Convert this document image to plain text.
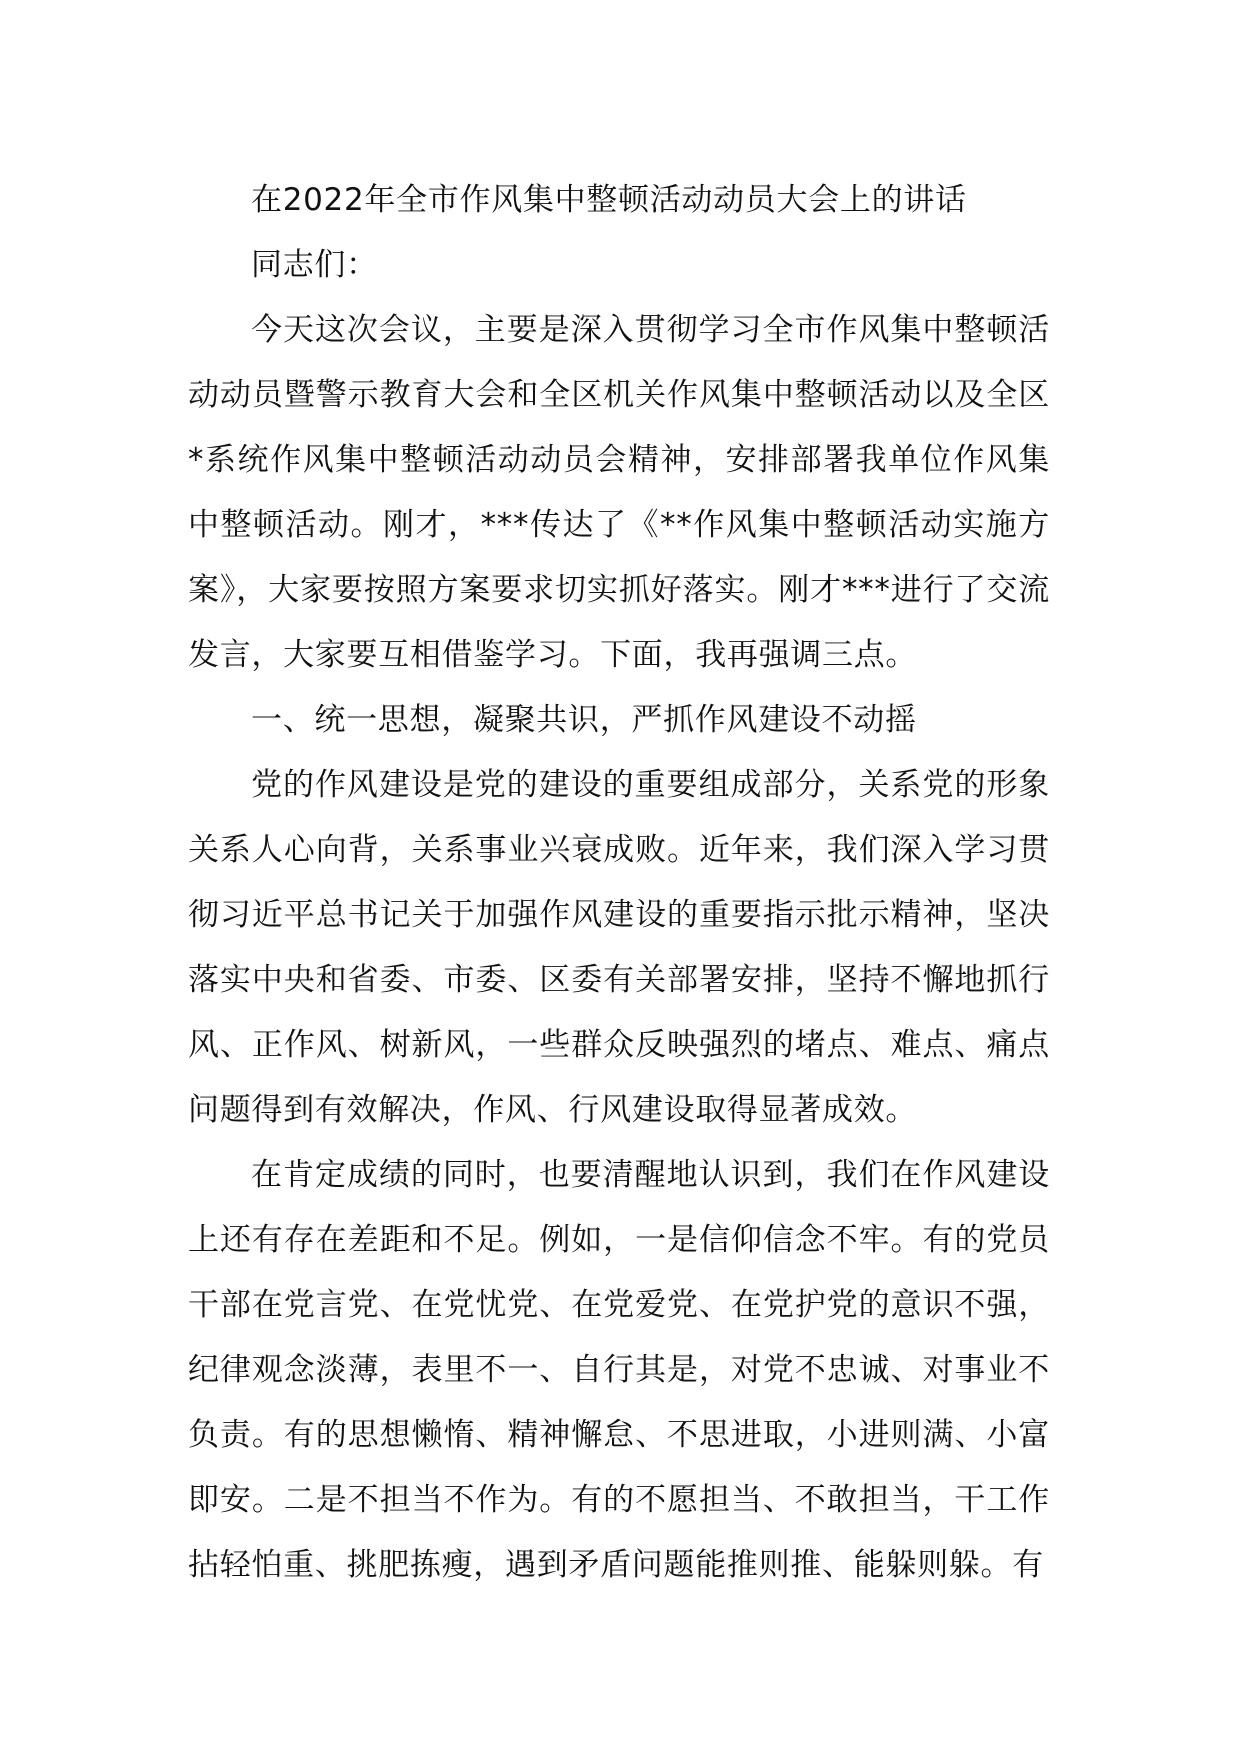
在2022年全市作风集中整顿活动动员大会上的讲话

同志们：

今天这次会议，主要是深入贯彻学习全市作风集中整顿活动动员暨警示教育大会和全区机关作风集中整顿活动以及全区*系统作风集中整顿活动动员会精神，安排部署我单位作风集中整顿活动。刚才，***传达了《**作风集中整顿活动实施方案》，大家要按照方案要求切实抓好落实。刚才***进行了交流发言，大家要互相借鉴学习。下面，我再强调三点。

一、统一思想，凝聚共识，严抓作风建设不动摇

党的作风建设是党的建设的重要组成部分，关系党的形象关系人心向背，关系事业兴衰成败。近年来，我们深入学习贯彻习近平总书记关于加强作风建设的重要指示批示精神，坚决落实中央和省委、市委、区委有关部署安排，坚持不懈地抓行风、正作风、树新风，一些群众反映强烈的堵点、难点、痛点问题得到有效解决，作风、行风建设取得显著成效。

在肯定成绩的同时，也要清醒地认识到，我们在作风建设上还有存在差距和不足。例如，一是信仰信念不牢。有的党员干部在党言党、在党忧党、在党爱党、在党护党的意识不强，纪律观念淡薄，表里不一、自行其是，对党不忠诚、对事业不负责。有的思想懒惰、精神懈怠、不思进取，小进则满、小富即安。二是不担当不作为。有的不愿担当、不敢担当，干工作拈轻怕重、挑肥拣瘦，遇到矛盾问题能推则推、能躲则躲。有
